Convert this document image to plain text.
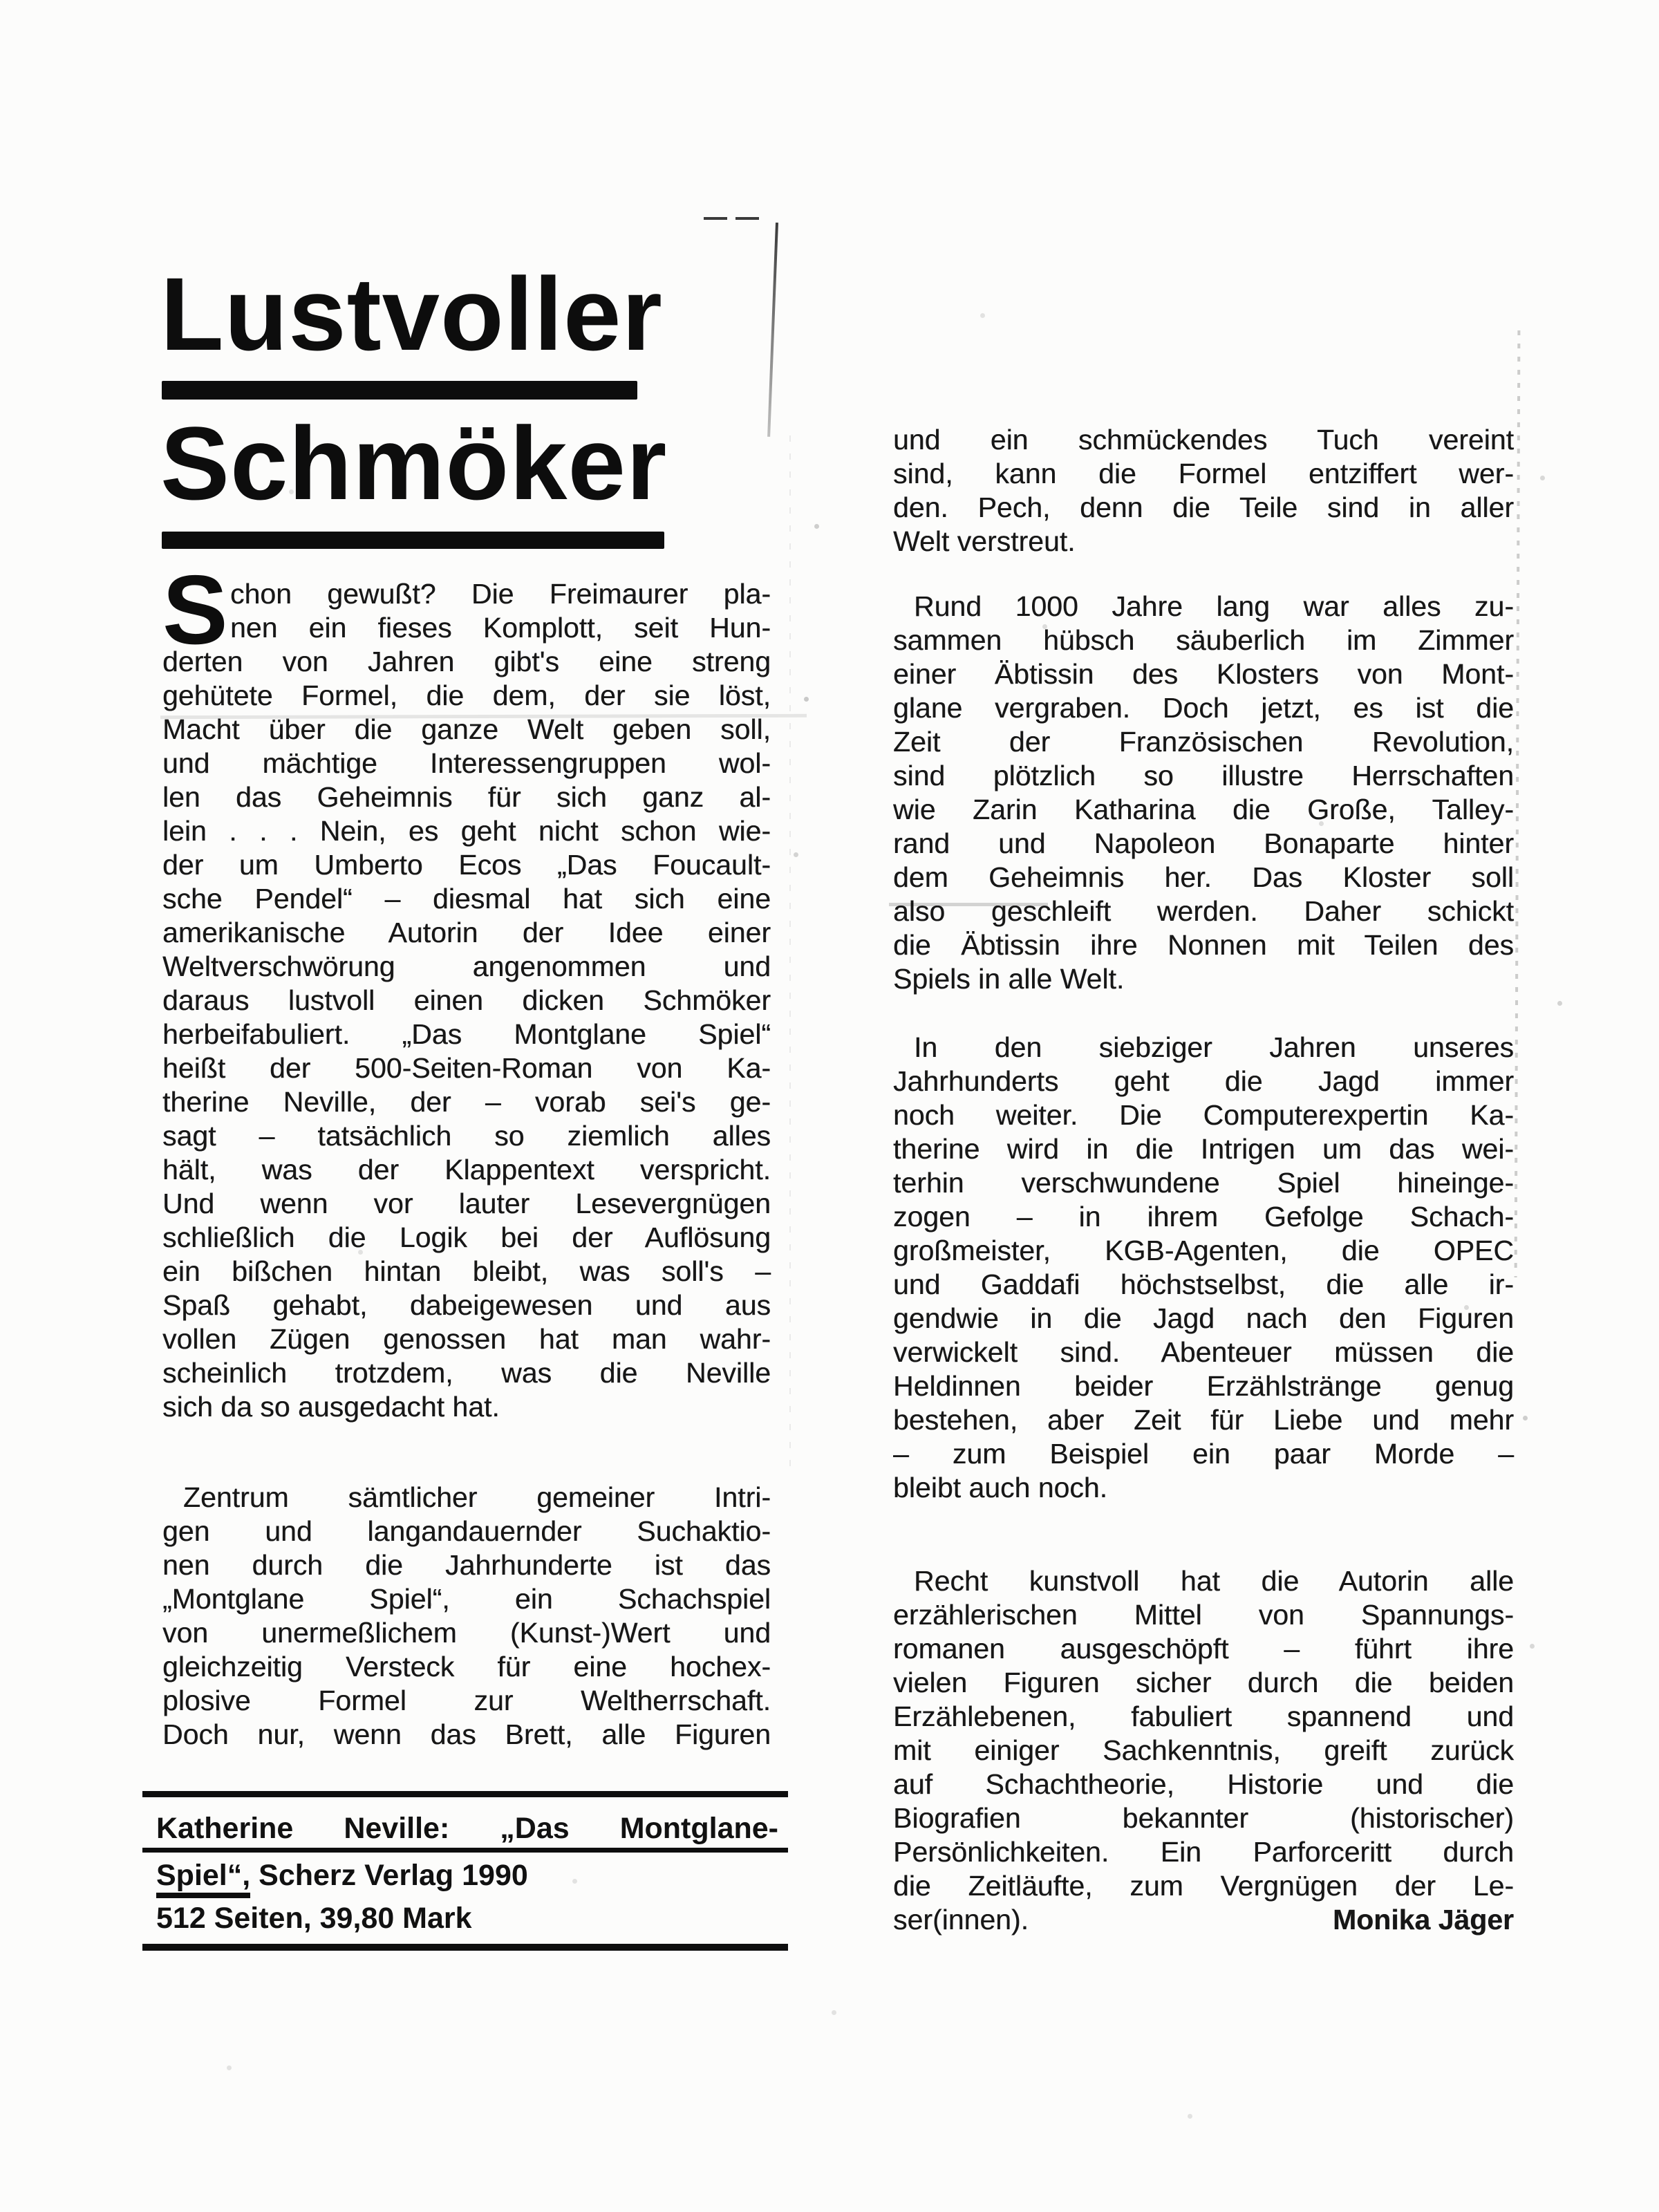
Lustvoller
Schmöker
S chon gewußt? Die Freimaurer pla-
nen ein fieses Komplott, seit Hun-
derten von Jahren gibt's eine streng
gehütete Formel, die dem, der sie löst,
Macht über die ganze Welt geben soll,
und mächtige Interessengruppen wol-
len das Geheimnis für sich ganz al-
lein . . . Nein, es geht nicht schon wie-
der um Umberto Ecos „Das Foucault-
sche Pendel“ – diesmal hat sich eine
amerikanische Autorin der Idee einer
Weltverschwörung angenommen und
daraus lustvoll einen dicken Schmöker
herbeifabuliert. „Das Montglane Spiel“
heißt der 500-Seiten-Roman von Ka-
therine Neville, der – vorab sei's ge-
sagt – tatsächlich so ziemlich alles
hält, was der Klappentext verspricht.
Und wenn vor lauter Lesevergnügen
schließlich die Logik bei der Auflösung
ein bißchen hintan bleibt, was soll's –
Spaß gehabt, dabeigewesen und aus
vollen Zügen genossen hat man wahr-
scheinlich trotzdem, was die Neville
sich da so ausgedacht hat.
Zentrum sämtlicher gemeiner Intri-
gen und langandauernder Suchaktio-
nen durch die Jahrhunderte ist das
„Montglane Spiel“, ein Schachspiel
von unermeßlichem (Kunst-)Wert und
gleichzeitig Versteck für eine hochex-
plosive Formel zur Weltherrschaft.
Doch nur, wenn das Brett, alle Figuren
Katherine Neville: „Das Montglane-
Spiel“, Scherz Verlag 1990
512 Seiten, 39,80 Mark
und ein schmückendes Tuch vereint
sind, kann die Formel entziffert wer-
den. Pech, denn die Teile sind in aller
Welt verstreut.
Rund 1000 Jahre lang war alles zu-
sammen hübsch säuberlich im Zimmer
einer Äbtissin des Klosters von Mont-
glane vergraben. Doch jetzt, es ist die
Zeit der Französischen Revolution,
sind plötzlich so illustre Herrschaften
wie Zarin Katharina die Große, Talley-
rand und Napoleon Bonaparte hinter
dem Geheimnis her. Das Kloster soll
also geschleift werden. Daher schickt
die Äbtissin ihre Nonnen mit Teilen des
Spiels in alle Welt.
In den siebziger Jahren unseres
Jahrhunderts geht die Jagd immer
noch weiter. Die Computerexpertin Ka-
therine wird in die Intrigen um das wei-
terhin verschwundene Spiel hineinge-
zogen – in ihrem Gefolge Schach-
großmeister, KGB-Agenten, die OPEC
und Gaddafi höchstselbst, die alle ir-
gendwie in die Jagd nach den Figuren
verwickelt sind. Abenteuer müssen die
Heldinnen beider Erzählstränge genug
bestehen, aber Zeit für Liebe und mehr
– zum Beispiel ein paar Morde –
bleibt auch noch.
Recht kunstvoll hat die Autorin alle
erzählerischen Mittel von Spannungs-
romanen ausgeschöpft – führt ihre
vielen Figuren sicher durch die beiden
Erzählebenen, fabuliert spannend und
mit einiger Sachkenntnis, greift zurück
auf Schachtheorie, Historie und die
Biografien bekannter (historischer)
Persönlichkeiten. Ein Parforceritt durch
die Zeitläufte, zum Vergnügen der Le-
ser(innen).	Monika Jäger
